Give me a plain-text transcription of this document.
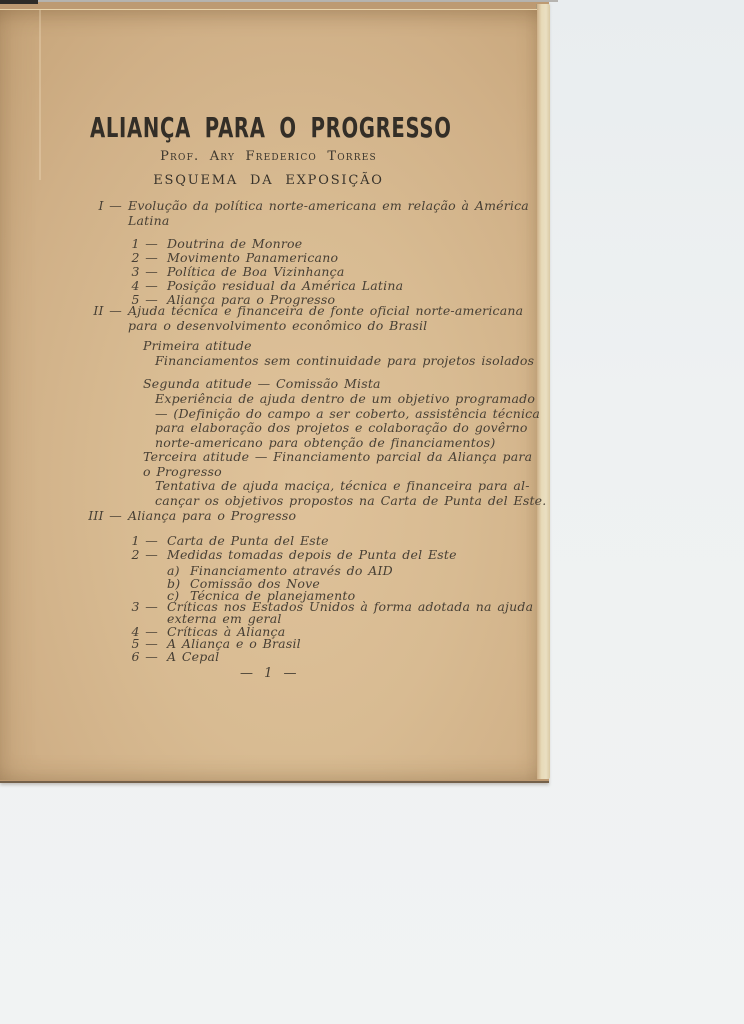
ALIANÇA PARA O PROGRESSO
Prof. Ary Frederico Torres
ESQUEMA DA EXPOSIÇÃO
I — Evolução da política norte-americana em relação à América
Latina
1 — Doutrina de Monroe
2 — Movimento Panamericano
3 — Política de Boa Vizinhança
4 — Posição residual da América Latina
5 — Aliança para o Progresso
II — Ajuda técnica e financeira de fonte oficial norte-americana
para o desenvolvimento econômico do Brasil
Primeira atitude
Financiamentos sem continuidade para projetos isolados
Segunda atitude — Comissão Mista
Experiência de ajuda dentro de um objetivo programado
— (Definição do campo a ser coberto, assistência técnica
para elaboração dos projetos e colaboração do govêrno
norte-americano para obtenção de financiamentos)
Terceira atitude — Financiamento parcial da Aliança para
o Progresso
Tentativa de ajuda maciça, técnica e financeira para al-
cançar os objetivos propostos na Carta de Punta del Este.
III — Aliança para o Progresso
1 — Carta de Punta del Este
2 — Medidas tomadas depois de Punta del Este
a) Financiamento através do AID
b) Comissão dos Nove
c) Técnica de planejamento
3 — Críticas nos Estados Unidos à forma adotada na ajuda
externa em geral
4 — Críticas à Aliança
5 — A Aliança e o Brasil
6 — A Cepal
— 1 —
